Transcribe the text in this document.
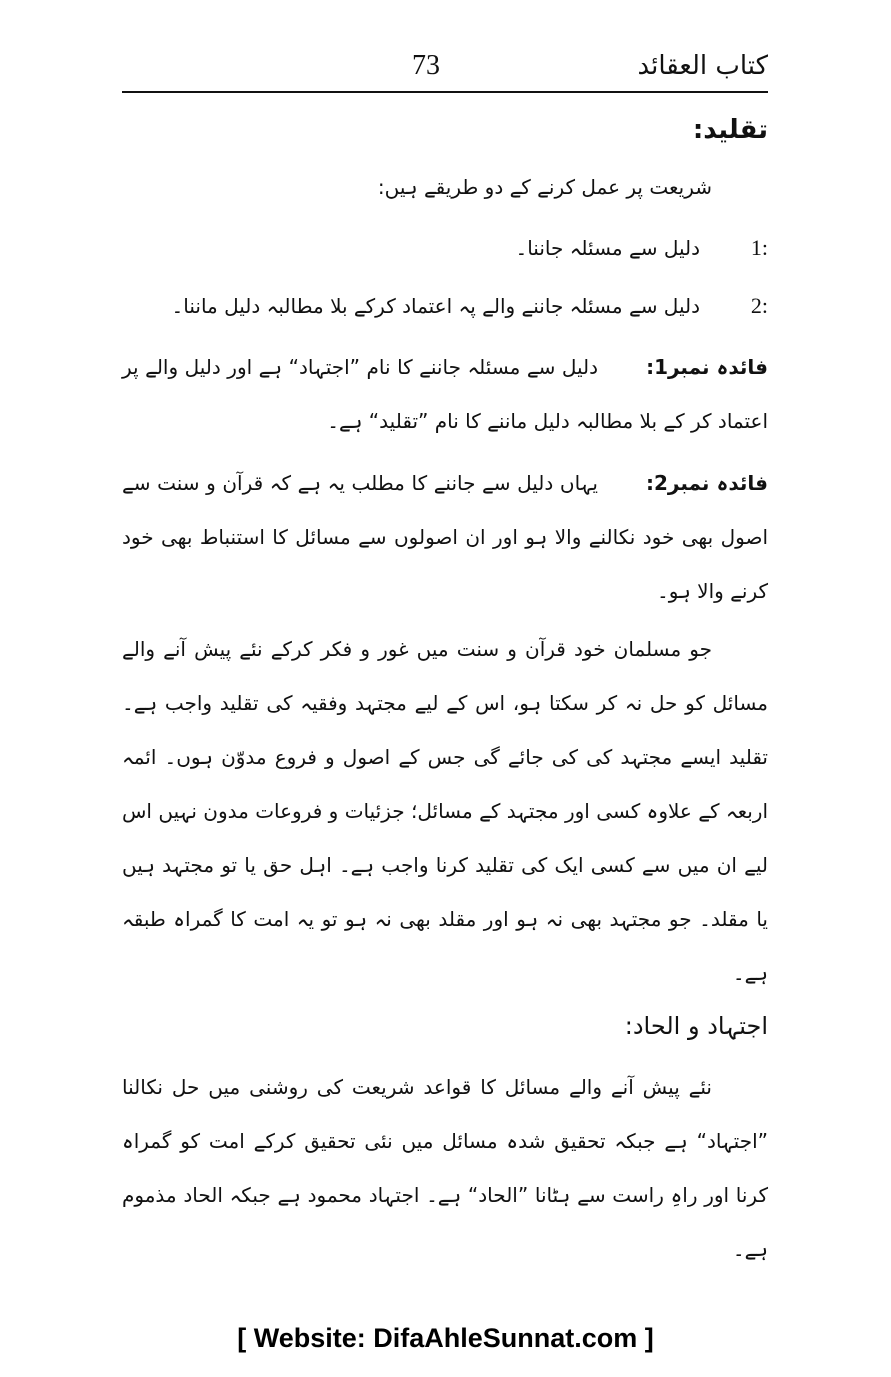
کتاب العقائد
73
تقلید:
شریعت پر عمل کرنے کے دو طریقے ہیں:
1:
دلیل سے مسئلہ جاننا۔
2:
دلیل سے مسئلہ جاننے والے پہ اعتماد کرکے بلا مطالبہ دلیل ماننا۔
فائدہ نمبر1:دلیل سے مسئلہ جاننے کا نام ”اجتہاد“ ہے اور دلیل والے پر اعتماد کر کے بلا مطالبہ دلیل ماننے کا نام ”تقلید“ ہے۔
فائدہ نمبر2:یہاں دلیل سے جاننے کا مطلب یہ ہے کہ قرآن و سنت سے اصول بھی خود نکالنے والا ہو اور ان اصولوں سے مسائل کا استنباط بھی خود کرنے والا ہو۔
جو مسلمان خود قرآن و سنت میں غور و فکر کرکے نئے پیش آنے والے مسائل کو حل نہ کر سکتا ہو، اس کے لیے مجتہد وفقیہ کی تقلید واجب ہے۔ تقلید ایسے مجتہد کی کی جائے گی جس کے اصول و فروع مدوّن ہوں۔ ائمہ اربعہ کے علاوہ کسی اور مجتہد کے مسائل؛ جزئیات و فروعات مدون نہیں اس لیے ان میں سے کسی ایک کی تقلید کرنا واجب ہے۔ اہل حق یا تو مجتہد ہیں یا مقلد۔ جو مجتہد بھی نہ ہو اور مقلد بھی نہ ہو تو یہ امت کا گمراہ طبقہ ہے۔
اجتہاد و الحاد:
نئے پیش آنے والے مسائل کا قواعد شریعت کی روشنی میں حل نکالنا ”اجتہاد“ ہے جبکہ تحقیق شدہ مسائل میں نئی تحقیق کرکے امت کو گمراہ کرنا اور راہِ راست سے ہٹانا ”الحاد“ ہے۔ اجتہاد محمود ہے جبکہ الحاد مذموم ہے۔
[ Website: DifaAhleSunnat.com ]
